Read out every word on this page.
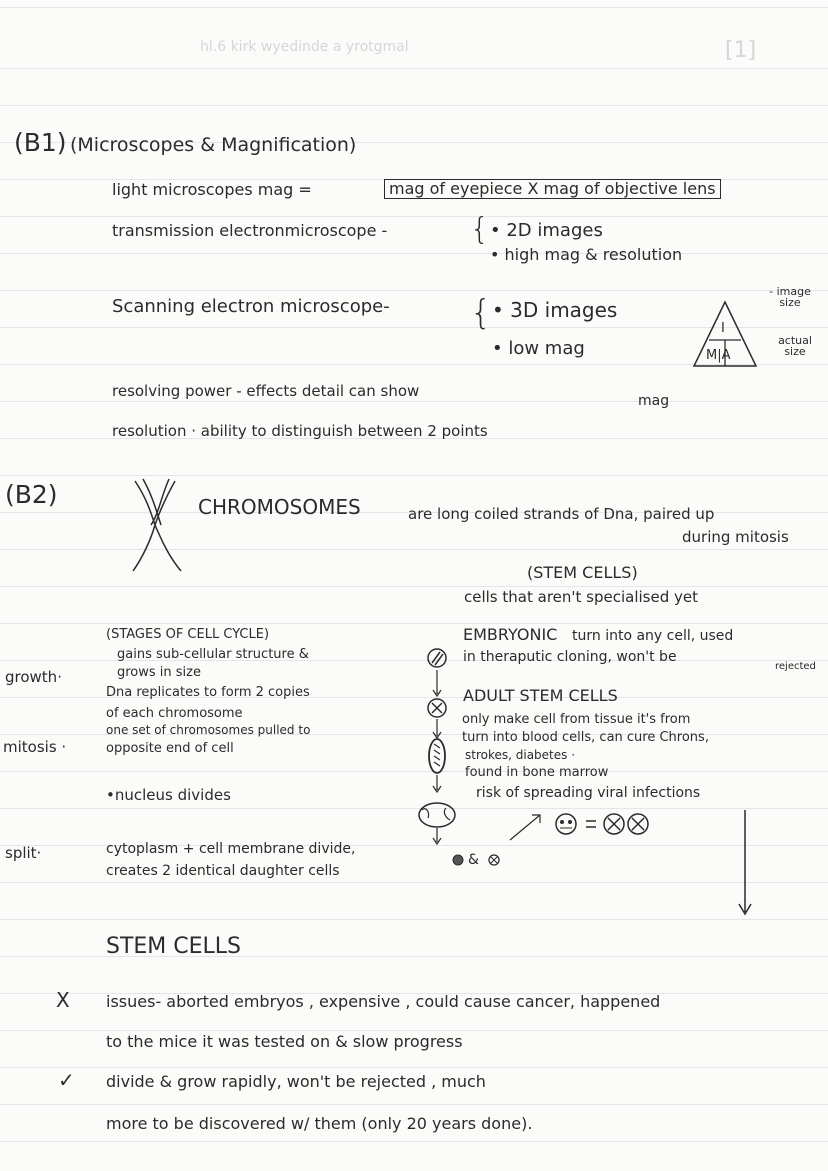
hl.6 kirk wyedinde a yrotgmal	[1]
(B1) (Microscopes & Magnification)
light microscopes mag =	mag of eyepiece X mag of objective lens
transmission electronmicroscope -	{ • 2D images
• high mag & resolution
Scanning electron microscope- { • 3D images
• low mag
I
M|A
- image size
actual size
resolving power - effects detail can show
mag
resolution · ability to distinguish between 2 points
(B2)	CHROMOSOMES	are long coiled strands of Dna, paired up
during mitosis
(STEM CELLS)
cells that aren't specialised yet
EMBRYONIC turn into any cell, used
in theraputic cloning, won't be
rejected
ADULT STEM CELLS
only make cell from tissue it's from
turn into blood cells, can cure Chrons,
strokes, diabetes ·
found in bone marrow
risk of spreading viral infections
(STAGES OF CELL CYCLE)
growth·
gains sub-cellular structure &
grows in size
Dna replicates to form 2 copies
of each chromosome
mitosis ·
one set of chromosomes pulled to
opposite end of cell
•nucleus divides
split·	cytoplasm + cell membrane divide,
creates 2 identical daughter cells
&
STEM CELLS
X issues- aborted embryos , expensive , could cause cancer, happened
to the mice it was tested on & slow progress
✓ divide & grow rapidly, won't be rejected , much
more to be discovered w/ them (only 20 years done).
